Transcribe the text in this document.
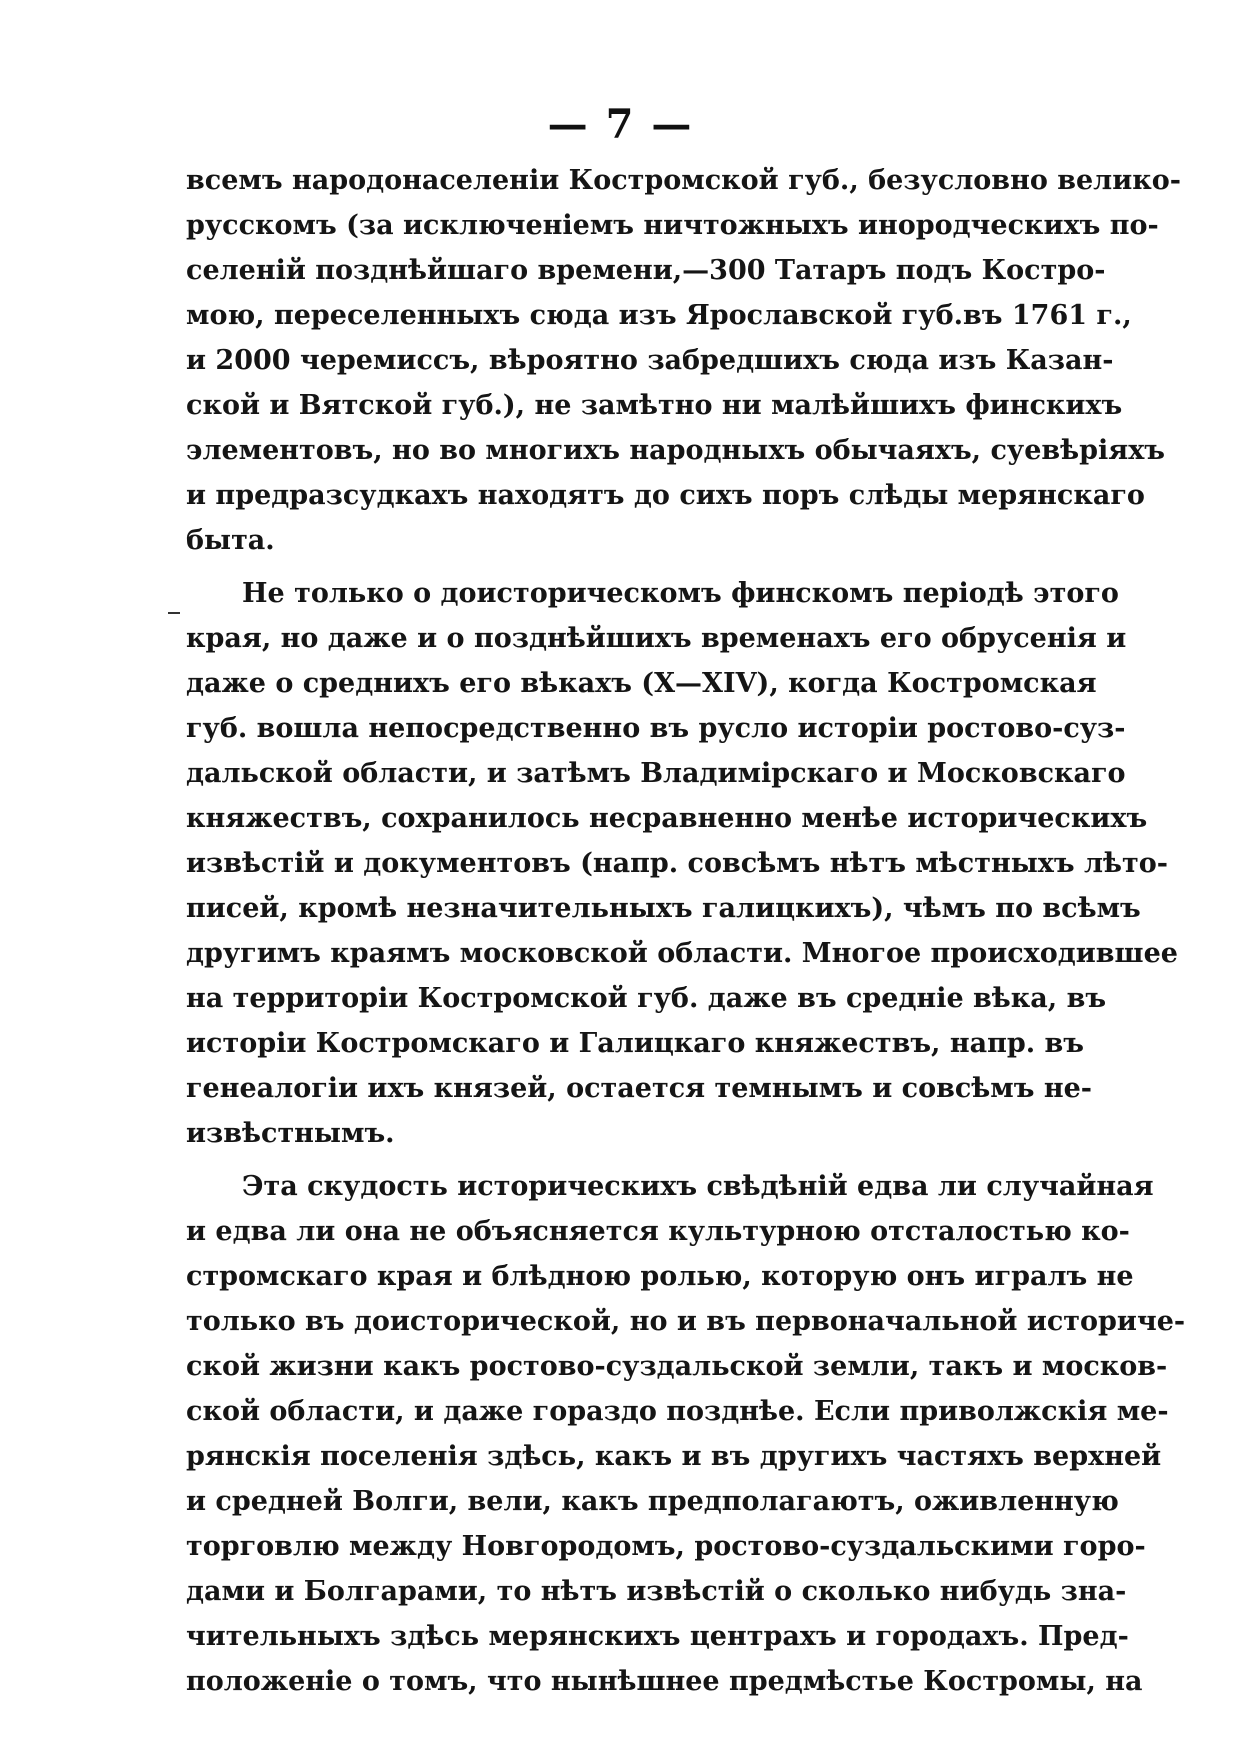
— 7 —
всемъ народонаселеніи Костромской губ., безусловно велико-
русскомъ (за исключеніемъ ничтожныхъ инородческихъ по-
селеній позднѣйшаго времени,—300 Татаръ подъ Костро-
мою, переселенныхъ сюда изъ Ярославской губ.въ 1761 г.,
и 2000 черемиссъ, вѣроятно забредшихъ сюда изъ Казан-
ской и Вятской губ.), не замѣтно ни малѣйшихъ финскихъ
элементовъ, но во многихъ народныхъ обычаяхъ, суевѣріяхъ
и предразсудкахъ находятъ до сихъ поръ слѣды мерянскаго
быта.
Не только о доисторическомъ финскомъ періодѣ этого
края, но даже и о позднѣйшихъ временахъ его обрусенія и
даже о среднихъ его вѣкахъ (X—XIV), когда Костромская
губ. вошла непосредственно въ русло исторіи ростово-суз-
дальской области, и затѣмъ Владимірскаго и Московскаго
княжествъ, сохранилось несравненно менѣе историческихъ
извѣстій и документовъ (напр. совсѣмъ нѣтъ мѣстныхъ лѣто-
писей, кромѣ незначительныхъ галицкихъ), чѣмъ по всѣмъ
другимъ краямъ московской области. Многое происходившее
на территоріи Костромской губ. даже въ средніе вѣка, въ
исторіи Костромскаго и Галицкаго княжествъ, напр. въ
генеалогіи ихъ князей, остается темнымъ и совсѣмъ не-
извѣстнымъ.
Эта скудость историческихъ свѣдѣній едва ли случайная
и едва ли она не объясняется культурною отсталостью ко-
стромскаго края и блѣдною ролью, которую онъ игралъ не
только въ доисторической, но и въ первоначальной историче-
ской жизни какъ ростово-суздальской земли, такъ и москов-
ской области, и даже гораздо позднѣе. Если приволжскія ме-
рянскія поселенія здѣсь, какъ и въ другихъ частяхъ верхней
и средней Волги, вели, какъ предполагаютъ, оживленную
торговлю между Новгородомъ, ростово-суздальскими горо-
дами и Болгарами, то нѣтъ извѣстій о сколько нибудь зна-
чительныхъ здѣсь мерянскихъ центрахъ и городахъ. Пред-
положеніе о томъ, что нынѣшнее предмѣстье Костромы, на
